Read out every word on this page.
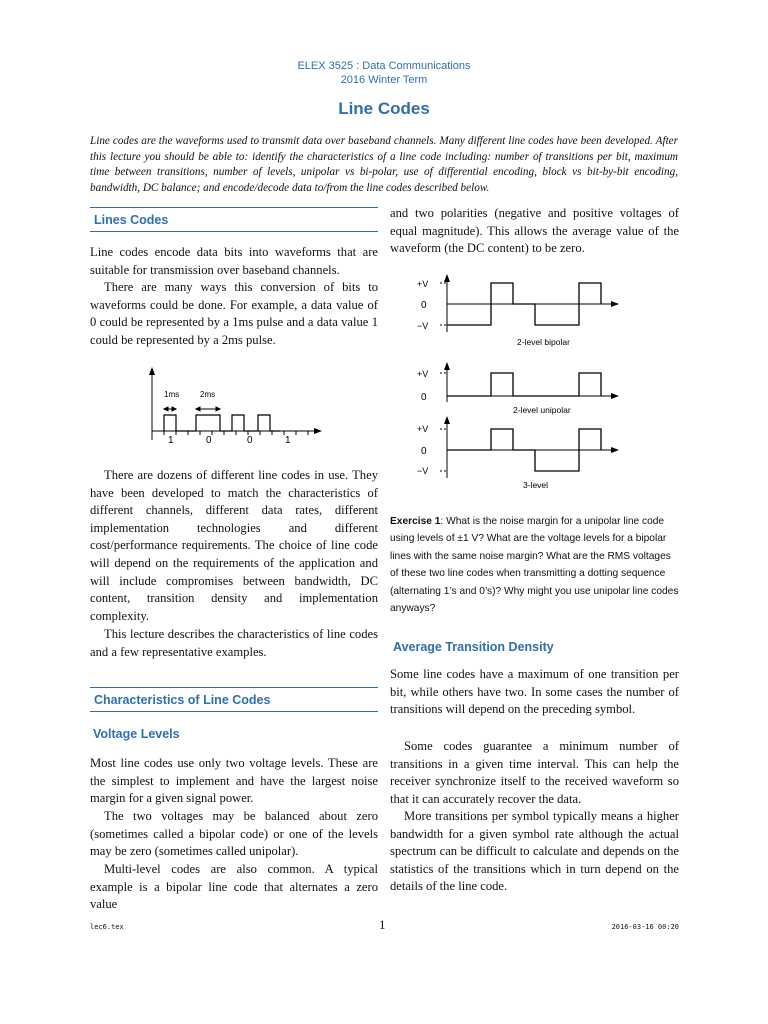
ELEX 3525 : Data Communications
2016 Winter Term
Line Codes
Line codes are the waveforms used to transmit data over baseband channels. Many different line codes have been developed. After this lecture you should be able to: identify the characteristics of a line code including: number of transitions per bit, maximum time between transitions, number of levels, unipolar vs bi-polar, use of differential encoding, block vs bit-by-bit encoding, bandwidth, DC balance; and encode/decode data to/from the line codes described below.
Lines Codes

Line codes encode data bits into waveforms that are suitable for transmission over baseband channels.

There are many ways this conversion of bits to waveforms could be done. For example, a data value of 0 could be represented by a 1ms pulse and a data value 1 could be represented by a 2ms pulse.

1ms	2ms
1	0	0	1

There are dozens of different line codes in use. They have been developed to match the characteristics of different channels, different data rates, different implementation technologies and different cost/performance requirements. The choice of line code will depend on the requirements of the application and will include compromises between bandwidth, DC content, transition density and implementation complexity.

This lecture describes the characteristics of line codes and a few representative examples.

Characteristics of Line Codes
Voltage Levels

Most line codes use only two voltage levels. These are the simplest to implement and have the largest noise margin for a given signal power.

The two voltages may be balanced about zero (sometimes called a bipolar code) or one of the levels may be zero (sometimes called unipolar).

Multi-level codes are also common. A typical example is a bipolar line code that alternates a zero value

and two polarities (negative and positive voltages of equal magnitude). This allows the average value of the waveform (the DC content) to be zero.

+V
0
−V
2-level bipolar
+V
0
2-level unipolar
+V
0
−V
3-level
Exercise 1: What is the noise margin for a unipolar line code using levels of ±1 V? What are the voltage levels for a bipolar lines with the same noise margin? What are the RMS voltages of these two line codes when transmitting a dotting sequence (alternating 1’s and 0’s)? Why might you use unipolar line codes anyways?
Average Transition Density

Some line codes have a maximum of one transition per bit, while others have two. In some cases the number of transitions will depend on the preceding symbol.

Some codes guarantee a minimum number of transitions in a given time interval. This can help the receiver synchronize itself to the received waveform so that it can accurately recover the data.

More transitions per symbol typically means a higher bandwidth for a given symbol rate although the actual spectrum can be difficult to calculate and depends on the statistics of the transitions which in turn depend on the details of the line code.

lec6.tex	1	2016-03-16 00:20
